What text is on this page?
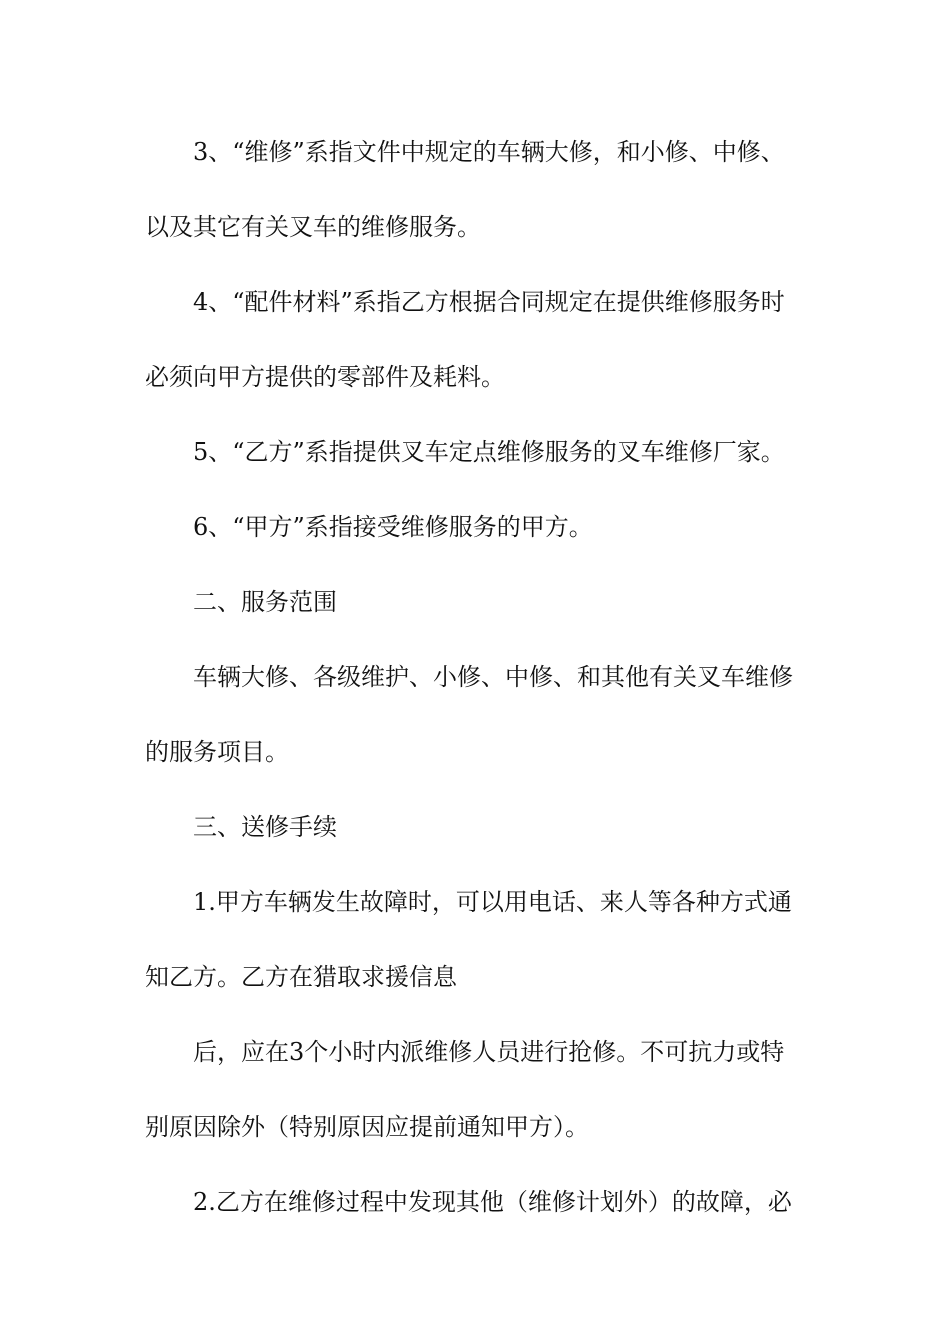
3、“维修”系指文件中规定的车辆大修，和小修、中修、
以及其它有关叉车的维修服务。
4、“配件材料”系指乙方根据合同规定在提供维修服务时
必须向甲方提供的零部件及耗料。
5、“乙方”系指提供叉车定点维修服务的叉车维修厂家。
6、“甲方”系指接受维修服务的甲方。
二、服务范围
车辆大修、各级维护、小修、中修、和其他有关叉车维修
的服务项目。
三、送修手续
1.甲方车辆发生故障时，可以用电话、来人等各种方式通
知乙方。乙方在猎取求援信息
后，应在3个小时内派维修人员进行抢修。不可抗力或特
别原因除外（特别原因应提前通知甲方）。
2.乙方在维修过程中发现其他（维修计划外）的故障，必
